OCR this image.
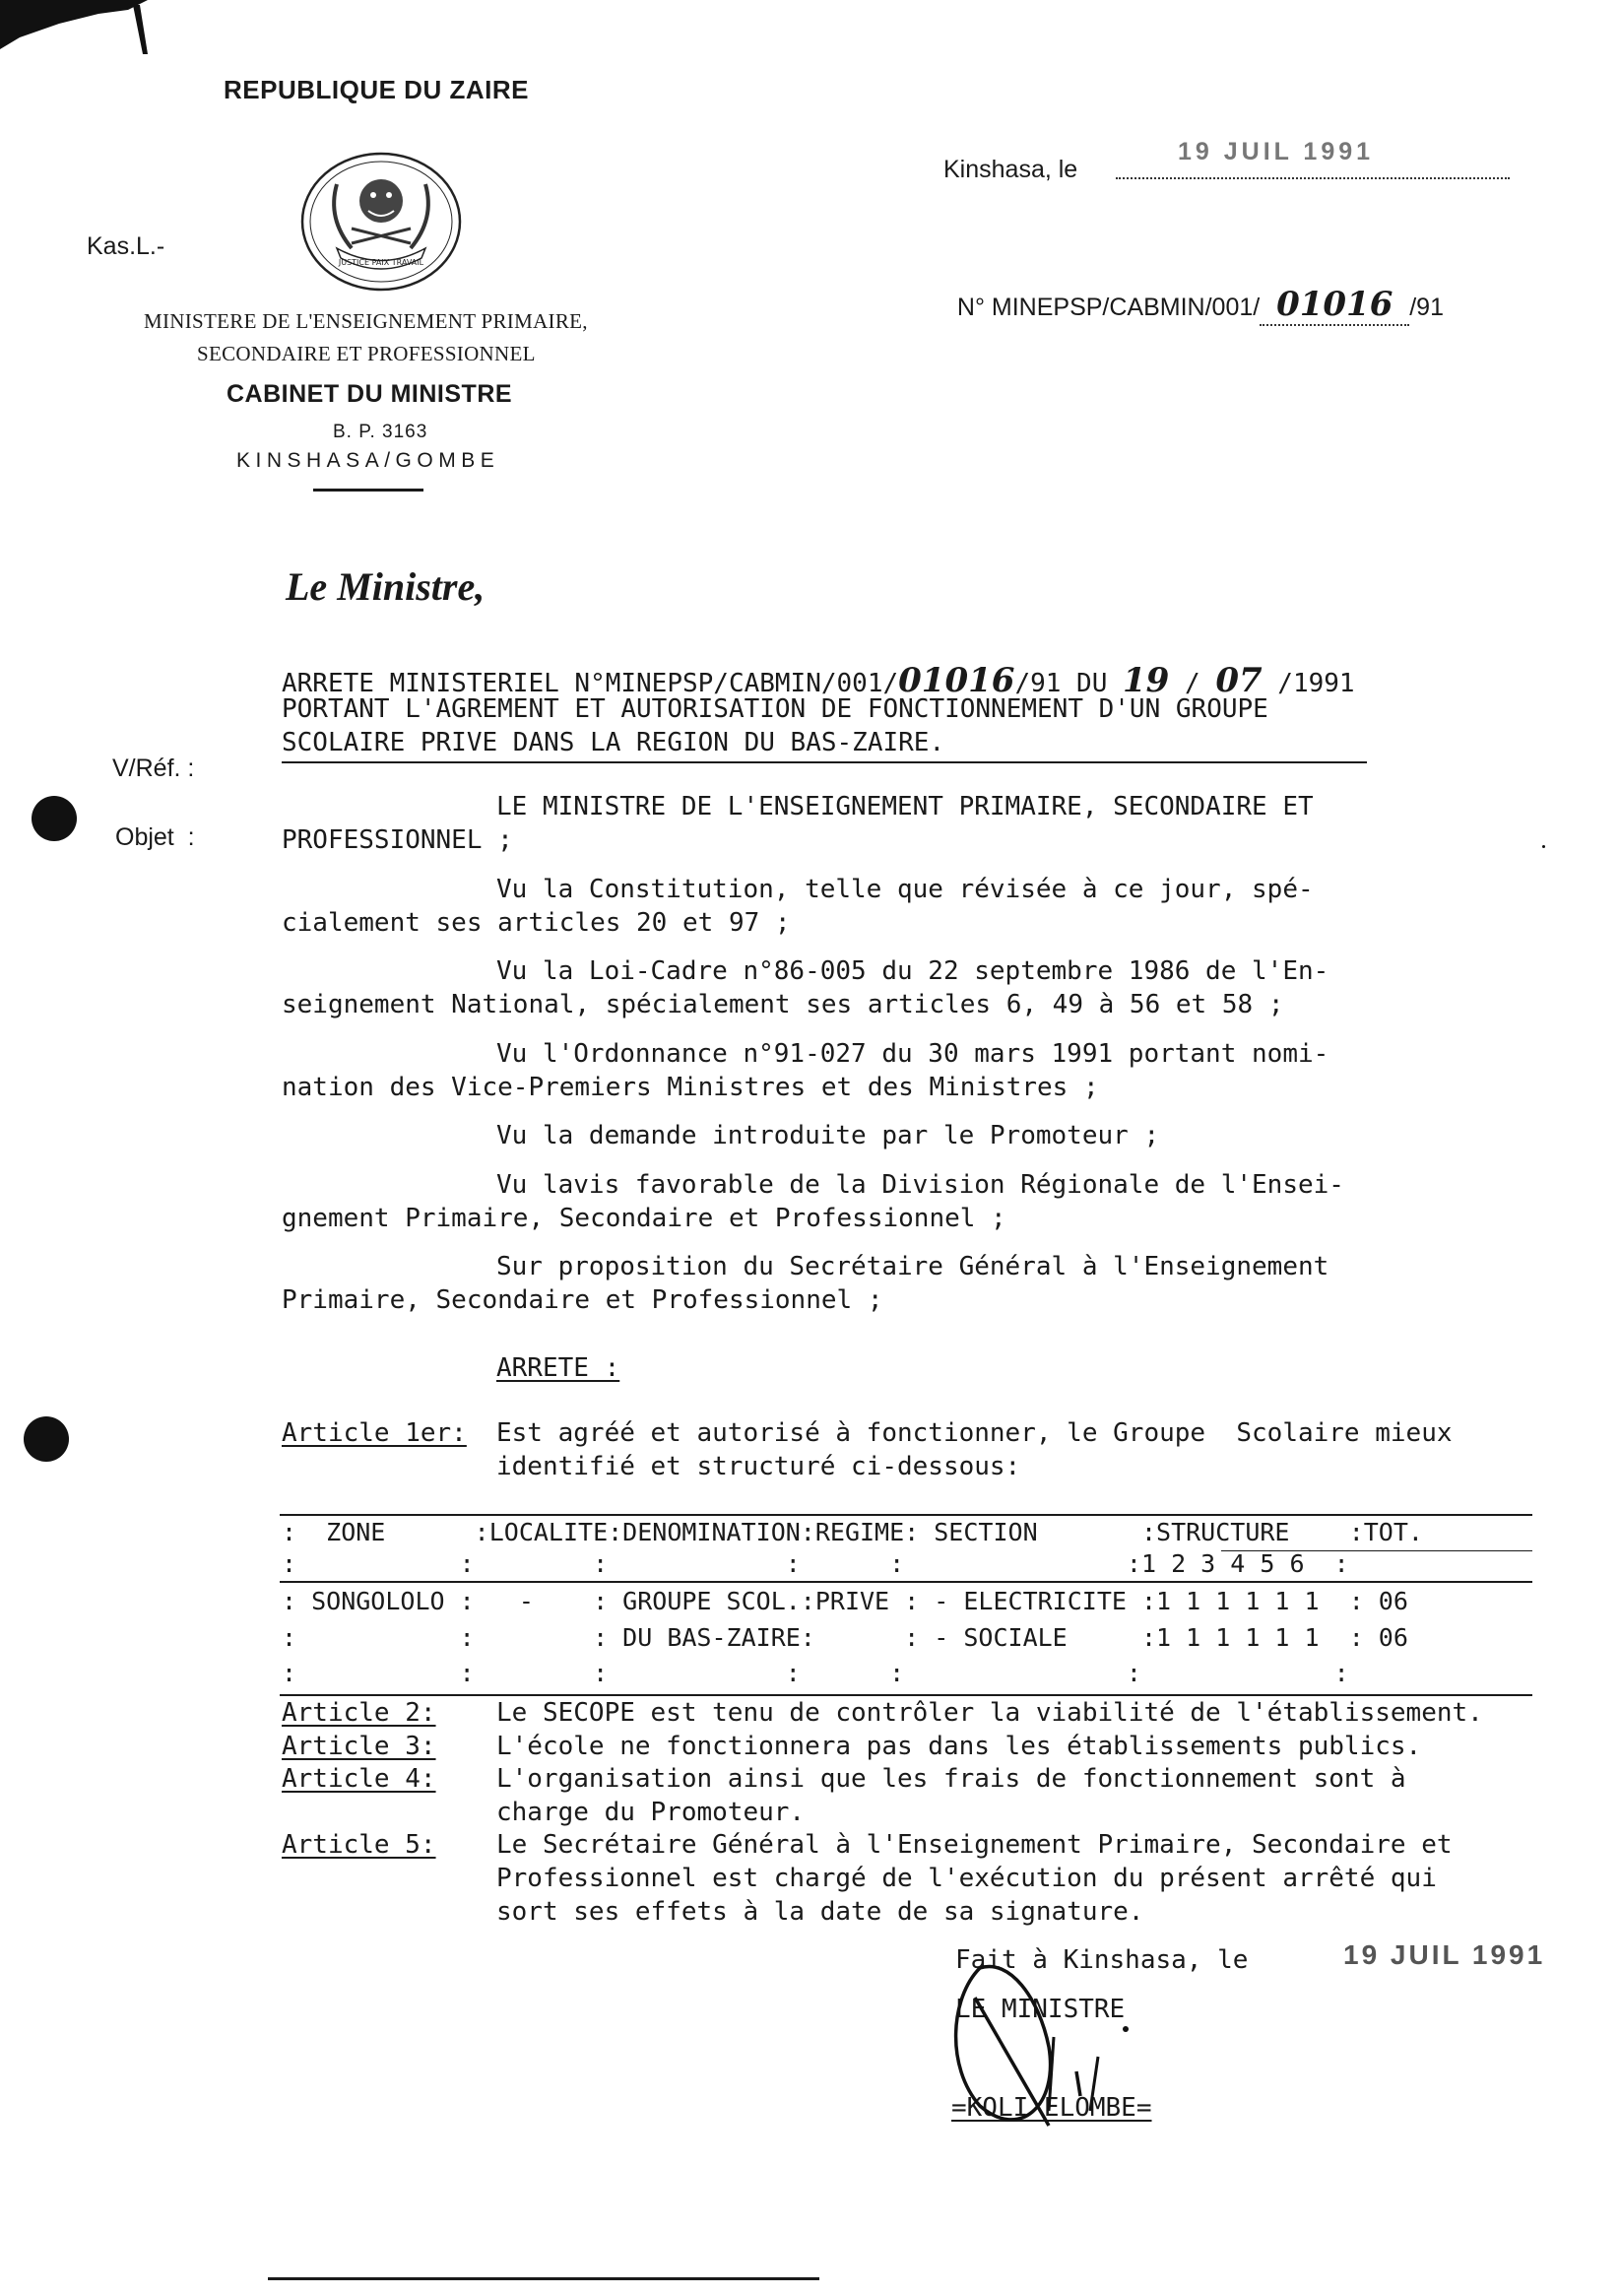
REPUBLIQUE DU ZAIRE
JUSTICE PAIX TRAVAIL
Kas.L.-
MINISTERE DE L'ENSEIGNEMENT PRIMAIRE,
SECONDAIRE ET PROFESSIONNEL
CABINET DU MINISTRE
B. P. 3163
KINSHASA/GOMBE
Kinshasa, le
19 JUIL 1991

N° MINEPSP/CABMIN/001/ 01016 /91

Le Ministre,
V/Réf. :
Objet  :
ARRETE MINISTERIEL N°MINEPSP/CABMIN/001/01016/91 DU 19 / 07 /1991
PORTANT L'AGREMENT ET AUTORISATION DE FONCTIONNEMENT D'UN GROUPE
SCOLAIRE PRIVE DANS LA REGION DU BAS-ZAIRE.
LE MINISTRE DE L'ENSEIGNEMENT PRIMAIRE, SECONDAIRE ET
PROFESSIONNEL ;
Vu la Constitution, telle que révisée à ce jour, spé-
cialement ses articles 20 et 97 ;
Vu la Loi-Cadre n°86-005 du 22 septembre 1986 de l'En-
seignement National, spécialement ses articles 6, 49 à 56 et 58 ;
Vu l'Ordonnance n°91-027 du 30 mars 1991 portant nomi-
nation des Vice-Premiers Ministres et des Ministres ;
Vu la demande introduite par le Promoteur ;
Vu lavis favorable de la Division Régionale de l'Ensei-
gnement Primaire, Secondaire et Professionnel ;
Sur proposition du Secrétaire Général à l'Enseignement
Primaire, Secondaire et Professionnel ;
ARRETE :
Article 1er: Est agréé et autorisé à fonctionner, le Groupe  Scolaire mieux
identifié et structuré ci-dessous:
:  ZONE      :LOCALITE:DENOMINATION:REGIME: SECTION       :STRUCTURE    :TOT.
:           :        :            :      :               :1 2 3 4 5 6  :
: SONGOLOLO :   -    : GROUPE SCOL.:PRIVE : - ELECTRICITE :1 1 1 1 1 1  : 06
:           :        : DU BAS-ZAIRE:      : - SOCIALE     :1 1 1 1 1 1  : 06
:           :        :            :      :               :             :
Article 2: Le SECOPE est tenu de contrôler la viabilité de l'établissement.
Article 3: L'école ne fonctionnera pas dans les établissements publics.
Article 4: L'organisation ainsi que les frais de fonctionnement sont à
charge du Promoteur.
Article 5: Le Secrétaire Général à l'Enseignement Primaire, Secondaire et
Professionnel est chargé de l'exécution du présent arrêté qui
sort ses effets à la date de sa signature.
Fait à Kinshasa, le	19 JUIL 1991
LE MINISTRE
=KOLI ELOMBE=
